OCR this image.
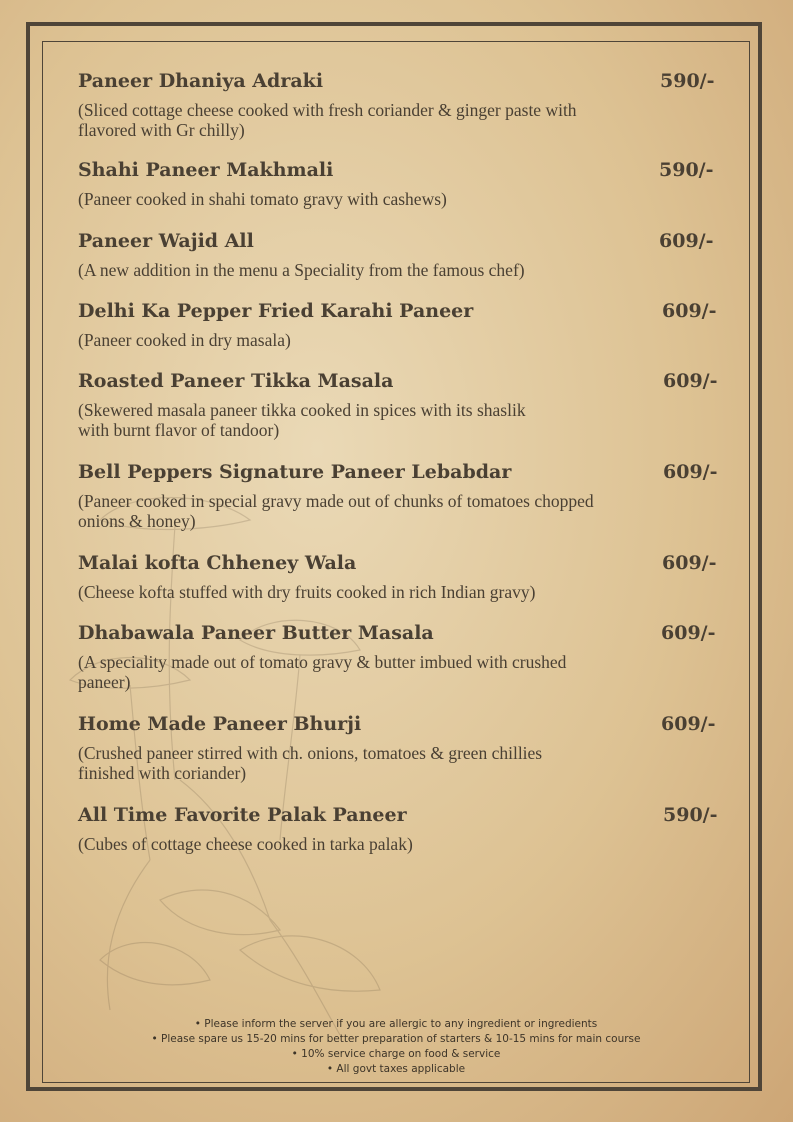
Paneer Dhaniya Adraki	590/-
(Sliced cottage cheese cooked with fresh coriander & ginger paste with
flavored with Gr chilly)
Shahi Paneer Makhmali	590/-
(Paneer cooked in shahi tomato gravy with cashews)
Paneer Wajid All	609/-
(A new addition in the menu a Speciality from the famous chef)
Delhi Ka Pepper Fried Karahi Paneer	609/-
(Paneer cooked in dry masala)
Roasted Paneer Tikka Masala	609/-
(Skewered masala paneer tikka cooked in spices with its shaslik
with burnt flavor of tandoor)
Bell Peppers Signature Paneer Lebabdar	609/-
(Paneer cooked in special gravy made out of chunks of tomatoes chopped
onions & honey)
Malai kofta Chheney Wala	609/-
(Cheese kofta stuffed with dry fruits cooked in rich Indian gravy)
Dhabawala Paneer Butter Masala	609/-
(A speciality made out of tomato gravy & butter imbued with crushed
paneer)
Home Made Paneer Bhurji	609/-
(Crushed paneer stirred with ch. onions, tomatoes & green chillies
finished with coriander)
All Time Favorite Palak Paneer	590/-
(Cubes of cottage cheese cooked in tarka palak)
• Please inform the server if you are allergic to any ingredient or ingredients
• Please spare us 15-20 mins for better preparation of starters & 10-15 mins for main course
• 10% service charge on food & service
• All govt taxes applicable
